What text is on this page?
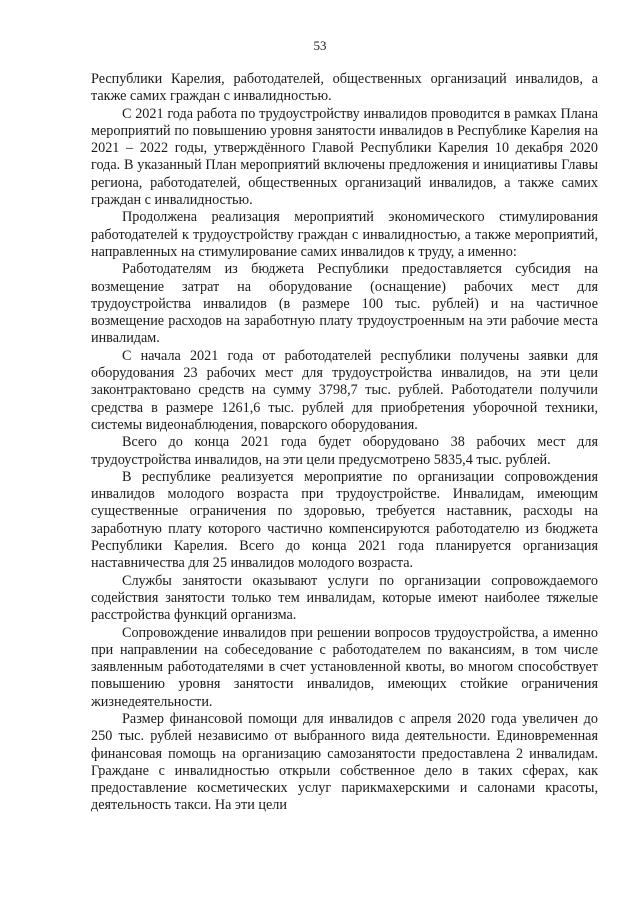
53

Республики Карелия, работодателей, общественных организаций инвалидов, а также самих граждан с инвалидностью.

С 2021 года работа по трудоустройству инвалидов проводится в рамках Плана мероприятий по повышению уровня занятости инвалидов в Республике Карелия на 2021 – 2022 годы, утверждённого Главой Республики Карелия 10 декабря 2020 года. В указанный План мероприятий включены предложения и инициативы Главы региона, работодателей, общественных организаций инвалидов, а также самих граждан с инвалидностью.

Продолжена реализация мероприятий экономического стимулирования работодателей к трудоустройству граждан с инвалидностью, а также мероприятий, направленных на стимулирование самих инвалидов к труду, а именно:

Работодателям из бюджета Республики предоставляется субсидия на возмещение затрат на оборудование (оснащение) рабочих мест для трудоустройства инвалидов (в размере 100 тыс. рублей) и на частичное возмещение расходов на заработную плату трудоустроенным на эти рабочие места инвалидам.

С начала 2021 года от работодателей республики получены заявки для оборудования 23 рабочих мест для трудоустройства инвалидов, на эти цели законтрактовано средств на сумму 3798,7 тыс. рублей. Работодатели получили средства в размере 1261,6 тыс. рублей для приобретения уборочной техники, системы видеонаблюдения, поварского оборудования.

Всего до конца 2021 года будет оборудовано 38 рабочих мест для трудоустройства инвалидов, на эти цели предусмотрено 5835,4 тыс. рублей.

В республике реализуется мероприятие по организации сопровождения инвалидов молодого возраста при трудоустройстве. Инвалидам, имеющим существенные ограничения по здоровью, требуется наставник, расходы на заработную плату которого частично компенсируются работодателю из бюджета Республики Карелия. Всего до конца 2021 года планируется организация наставничества для 25 инвалидов молодого возраста.

Службы занятости оказывают услуги по организации сопровождаемого содействия занятости только тем инвалидам, которые имеют наиболее тяжелые расстройства функций организма.

Сопровождение инвалидов при решении вопросов трудоустройства, а именно при направлении на собеседование с работодателем по вакансиям, в том числе заявленным работодателями в счет установленной квоты, во многом способствует повышению уровня занятости инвалидов, имеющих стойкие ограничения жизнедеятельности.

Размер финансовой помощи для инвалидов с апреля 2020 года увеличен до 250 тыс. рублей независимо от выбранного вида деятельности. Единовременная финансовая помощь на организацию самозанятости предоставлена 2 инвалидам. Граждане с инвалидностью открыли собственное дело в таких сферах, как предоставление косметических услуг парикмахерскими и салонами красоты, деятельность такси. На эти цели
